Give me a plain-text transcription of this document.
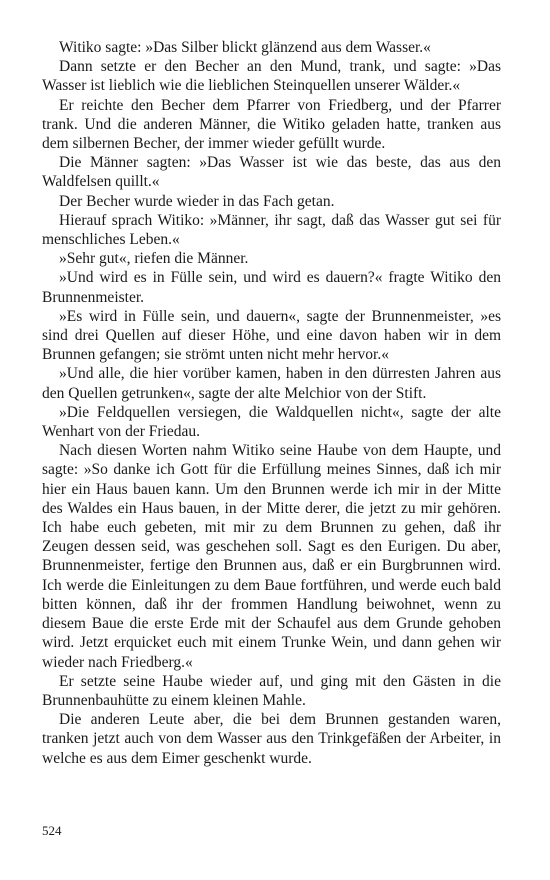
Witiko sagte: »Das Silber blickt glänzend aus dem Wasser.«

Dann setzte er den Becher an den Mund, trank, und sagte: »Das Wasser ist lieblich wie die lieblichen Steinquellen unserer Wälder.«

Er reichte den Becher dem Pfarrer von Friedberg, und der Pfarrer trank. Und die anderen Männer, die Witiko geladen hatte, tranken aus dem silbernen Becher, der immer wieder gefüllt wurde.

Die Männer sagten: »Das Wasser ist wie das beste, das aus den Waldfelsen quillt.«

Der Becher wurde wieder in das Fach getan.

Hierauf sprach Witiko: »Männer, ihr sagt, daß das Wasser gut sei für menschliches Leben.«

»Sehr gut«, riefen die Männer.

»Und wird es in Fülle sein, und wird es dauern?« fragte Witiko den Brunnenmeister.

»Es wird in Fülle sein, und dauern«, sagte der Brunnenmeister, »es sind drei Quellen auf dieser Höhe, und eine davon haben wir in dem Brunnen gefangen; sie strömt unten nicht mehr hervor.«

»Und alle, die hier vorüber kamen, haben in den dürresten Jahren aus den Quellen getrunken«, sagte der alte Melchior von der Stift.

»Die Feldquellen versiegen, die Waldquellen nicht«, sagte der alte Wenhart von der Friedau.

Nach diesen Worten nahm Witiko seine Haube von dem Haupte, und sagte: »So danke ich Gott für die Erfüllung meines Sinnes, daß ich mir hier ein Haus bauen kann. Um den Brunnen werde ich mir in der Mitte des Waldes ein Haus bauen, in der Mitte derer, die jetzt zu mir gehören. Ich habe euch gebeten, mit mir zu dem Brunnen zu gehen, daß ihr Zeugen dessen seid, was geschehen soll. Sagt es den Eurigen. Du aber, Brunnenmeister, fertige den Brunnen aus, daß er ein Burgbrunnen wird. Ich werde die Einleitungen zu dem Baue fortführen, und werde euch bald bitten können, daß ihr der frommen Handlung beiwohnet, wenn zu diesem Baue die erste Erde mit der Schaufel aus dem Grunde gehoben wird. Jetzt erquicket euch mit einem Trunke Wein, und dann gehen wir wieder nach Friedberg.«

Er setzte seine Haube wieder auf, und ging mit den Gästen in die Brunnenbauhütte zu einem kleinen Mahle.

Die anderen Leute aber, die bei dem Brunnen gestanden waren, tranken jetzt auch von dem Wasser aus den Trinkgefäßen der Arbeiter, in welche es aus dem Eimer geschenkt wurde.

524
